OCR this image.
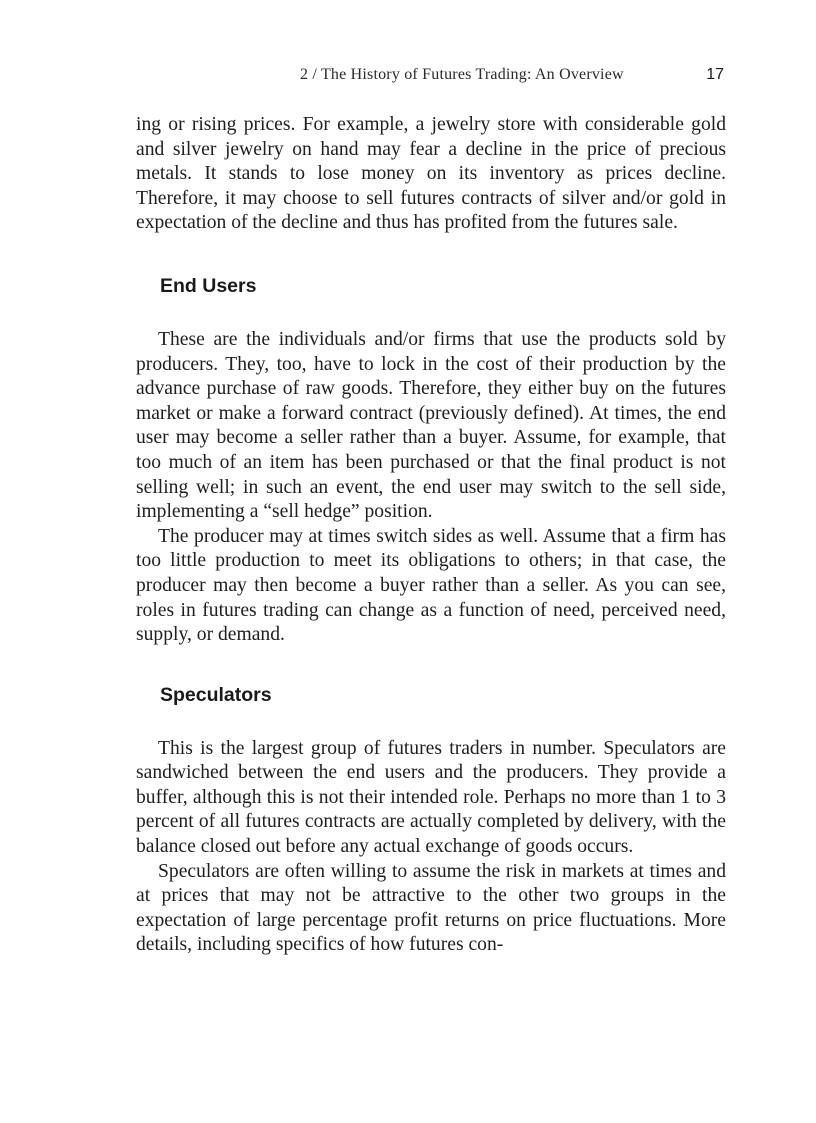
2 / The History of Futures Trading: An Overview	17

ing or rising prices. For example, a jewelry store with considerable gold and silver jewelry on hand may fear a decline in the price of precious metals. It stands to lose money on its inventory as prices decline. Therefore, it may choose to sell futures contracts of silver and/or gold in expectation of the decline and thus has profited from the futures sale.

End Users

These are the individuals and/or firms that use the products sold by producers. They, too, have to lock in the cost of their production by the advance purchase of raw goods. Therefore, they either buy on the futures market or make a forward contract (previously defined). At times, the end user may become a seller rather than a buyer. Assume, for example, that too much of an item has been purchased or that the final product is not selling well; in such an event, the end user may switch to the sell side, implementing a “sell hedge” position.

The producer may at times switch sides as well. Assume that a firm has too little production to meet its obligations to others; in that case, the producer may then become a buyer rather than a seller. As you can see, roles in futures trading can change as a function of need, perceived need, supply, or demand.

Speculators

This is the largest group of futures traders in number. Speculators are sandwiched between the end users and the producers. They provide a buffer, although this is not their intended role. Perhaps no more than 1 to 3 percent of all futures contracts are actually completed by delivery, with the balance closed out before any actual exchange of goods occurs.

Speculators are often willing to assume the risk in markets at times and at prices that may not be attractive to the other two groups in the expectation of large percentage profit returns on price fluctuations. More details, including specifics of how futures con-
